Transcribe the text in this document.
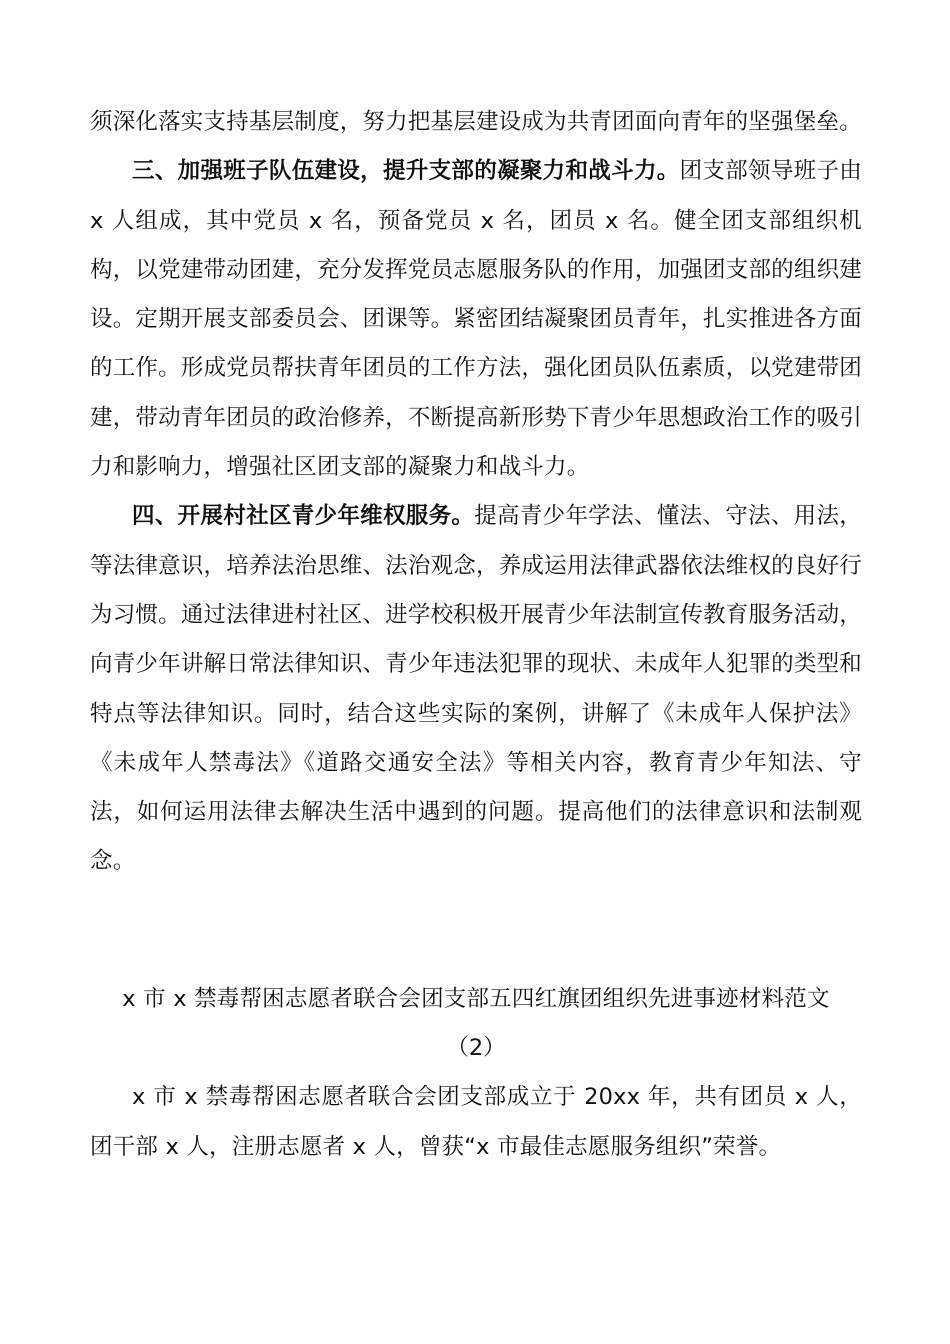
须深化落实支持基层制度，努力把基层建设成为共青团面向青年的坚强堡垒。

三、加强班子队伍建设，提升支部的凝聚力和战斗力。团支部领导班子由 x 人组成，其中党员 x 名，预备党员 x 名，团员 x 名。健全团支部组织机构，以党建带动团建，充分发挥党员志愿服务队的作用，加强团支部的组织建设。定期开展支部委员会、团课等。紧密团结凝聚团员青年，扎实推进各方面的工作。形成党员帮扶青年团员的工作方法，强化团员队伍素质，以党建带团建，带动青年团员的政治修养，不断提高新形势下青少年思想政治工作的吸引力和影响力，增强社区团支部的凝聚力和战斗力。

四、开展村社区青少年维权服务。提高青少年学法、懂法、守法、用法，等法律意识，培养法治思维、法治观念，养成运用法律武器依法维权的良好行为习惯。通过法律进村社区、进学校积极开展青少年法制宣传教育服务活动，向青少年讲解日常法律知识、青少年违法犯罪的现状、未成年人犯罪的类型和特点等法律知识。同时，结合这些实际的案例，讲解了《未成年人保护法》《未成年人禁毒法》《道路交通安全法》等相关内容，教育青少年知法、守法，如何运用法律去解决生活中遇到的问题。提高他们的法律意识和法制观念。

x 市 x 禁毒帮困志愿者联合会团支部五四红旗团组织先进事迹材料范文

（2）

x 市 x 禁毒帮困志愿者联合会团支部成立于 20xx 年，共有团员 x 人，团干部 x 人，注册志愿者 x 人，曾获“x 市最佳志愿服务组织”荣誉。
